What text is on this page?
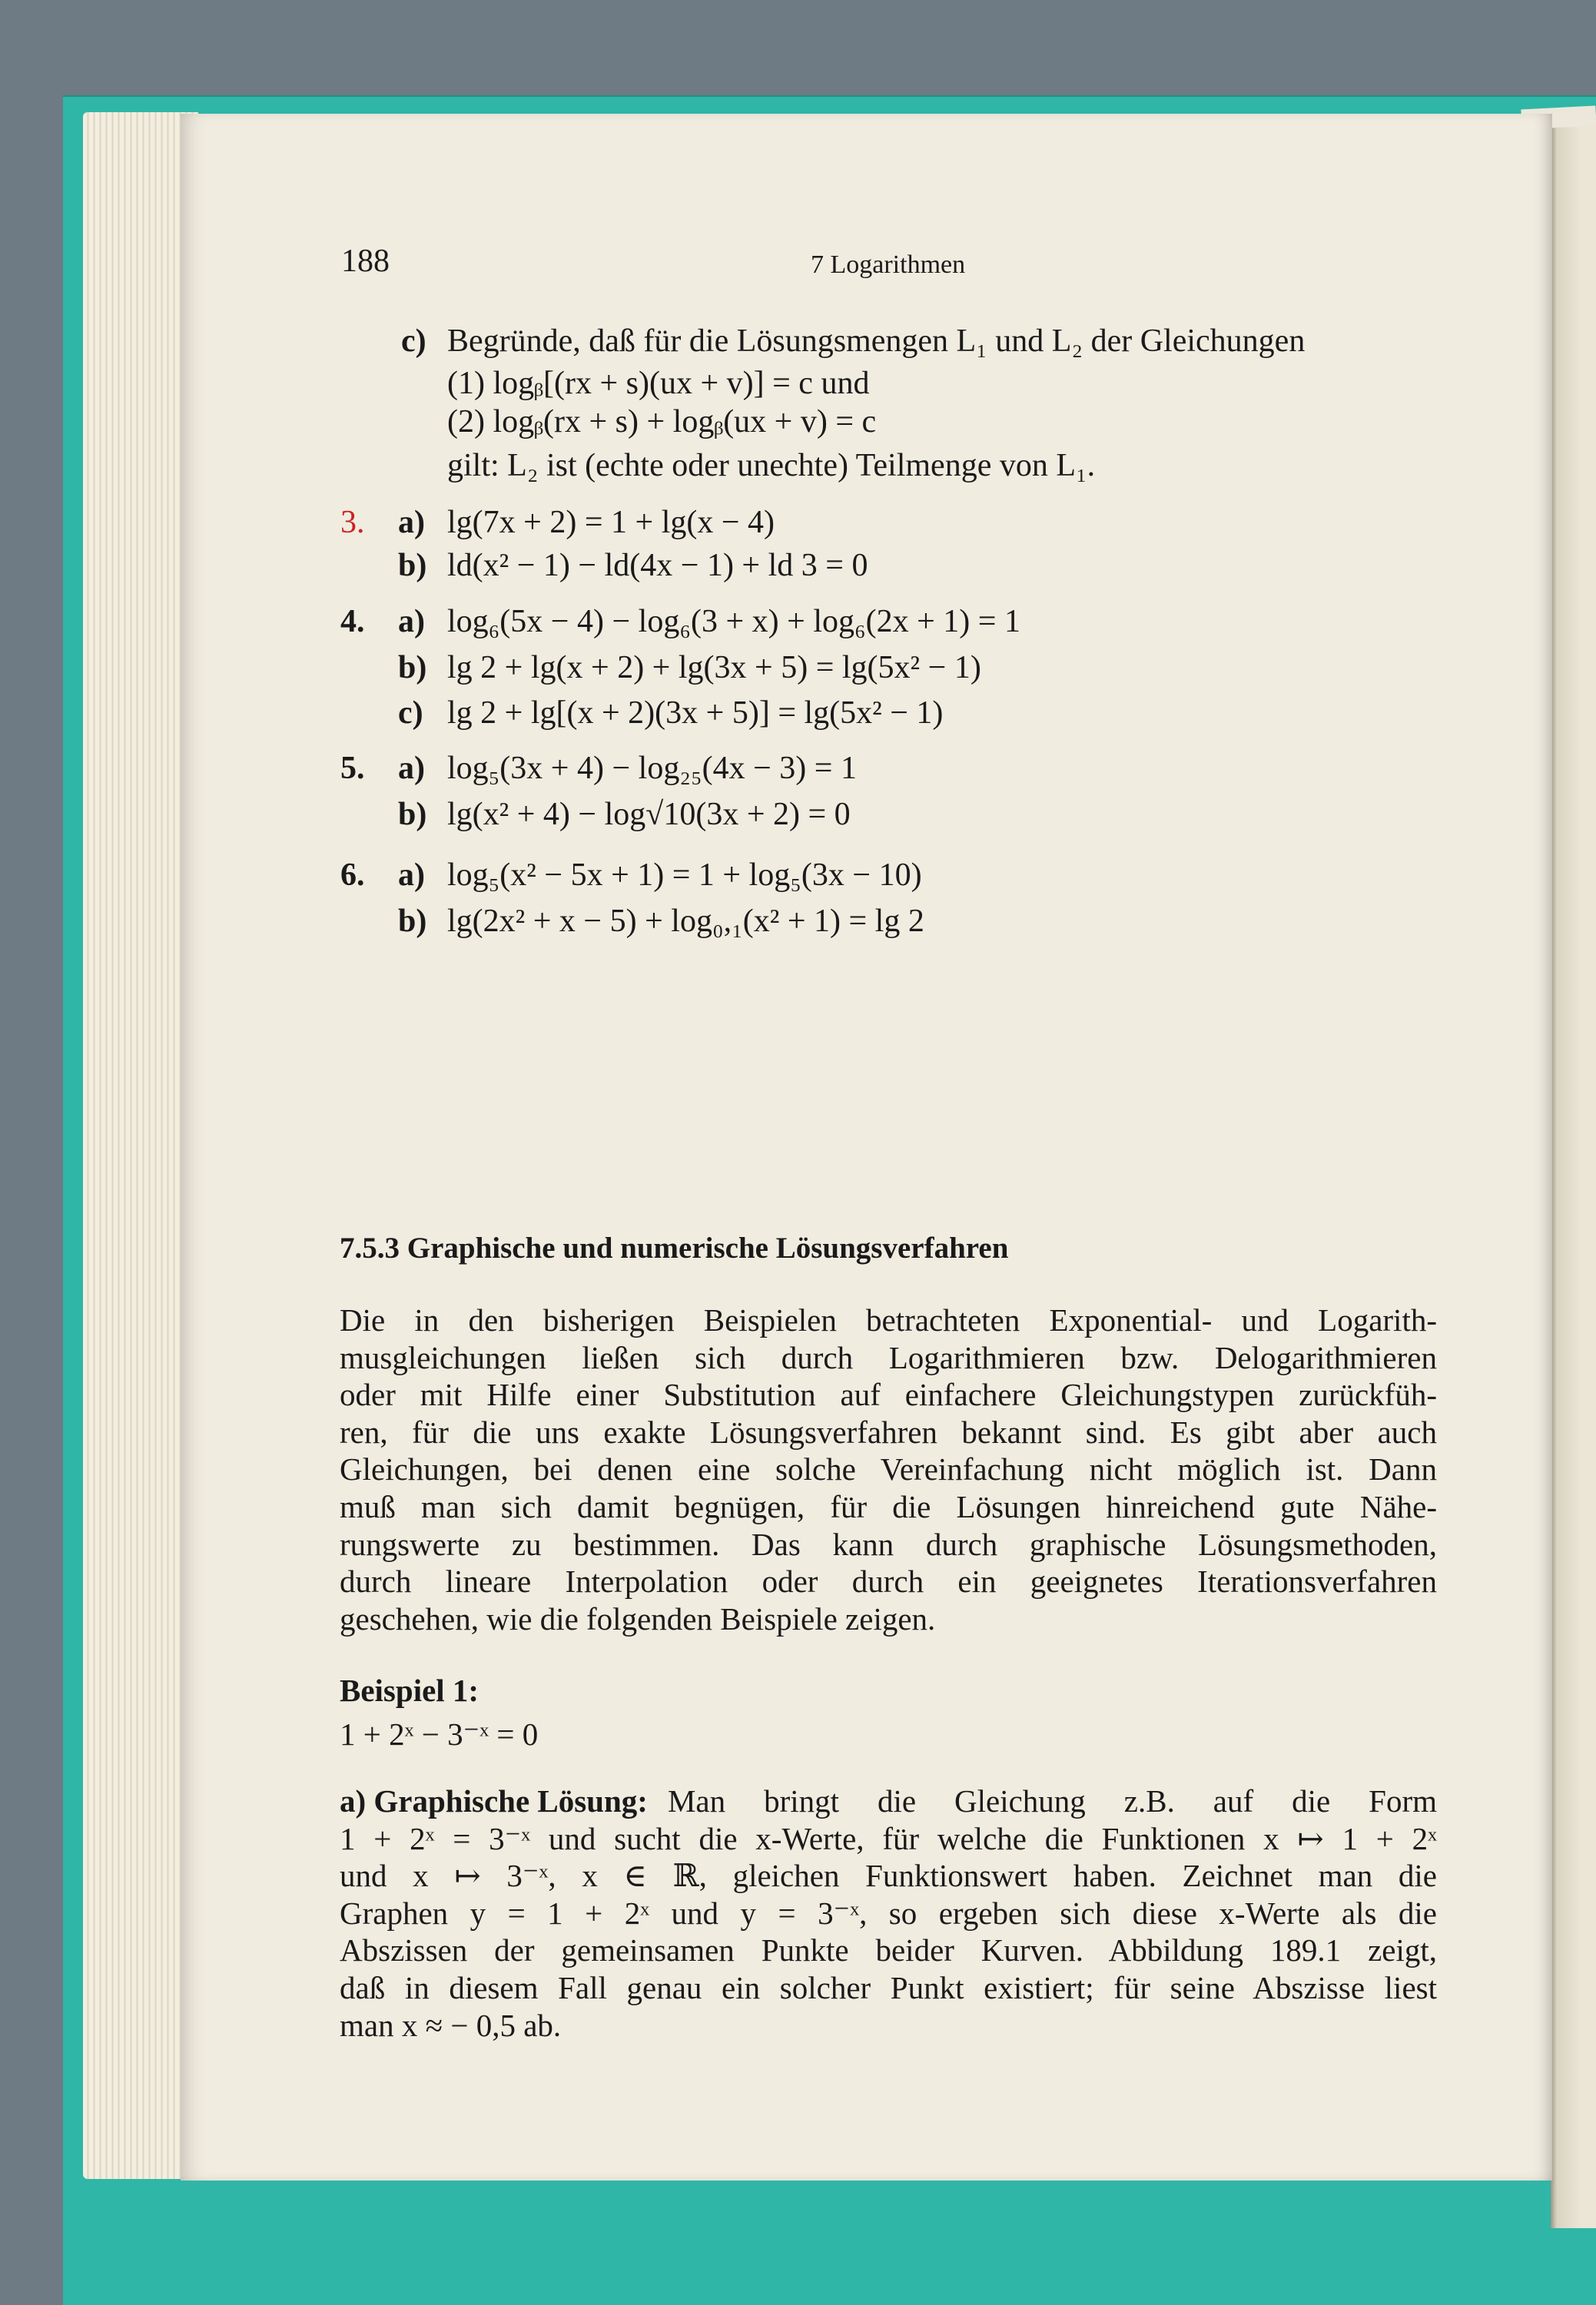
188	7 Logarithmen
c) Begründe, daß für die Lösungsmengen L₁ und L₂ der Gleichungen
(1) logᵦ[(rx + s)(ux + v)] = c und
(2) logᵦ(rx + s) + logᵦ(ux + v) = c
gilt: L₂ ist (echte oder unechte) Teilmenge von L₁.
3. a) lg(7x + 2) = 1 + lg(x − 4)
b) ld(x² − 1) − ld(4x − 1) + ld 3 = 0
4. a) log₆(5x − 4) − log₆(3 + x) + log₆(2x + 1) = 1
b) lg 2 + lg(x + 2) + lg(3x + 5) = lg(5x² − 1)
c) lg 2 + lg[(x + 2)(3x + 5)] = lg(5x² − 1)
5. a) log₅(3x + 4) − log₂₅(4x − 3) = 1
b) lg(x² + 4) − log√10(3x + 2) = 0
6. a) log₅(x² − 5x + 1) = 1 + log₅(3x − 10)
b) lg(2x² + x − 5) + log₀,₁(x² + 1) = lg 2
7.5.3 Graphische und numerische Lösungsverfahren
Die in den bisherigen Beispielen betrachteten Exponential- und Logarith-
musgleichungen ließen sich durch Logarithmieren bzw. Delogarithmieren
oder mit Hilfe einer Substitution auf einfachere Gleichungstypen zurückfüh-
ren, für die uns exakte Lösungsverfahren bekannt sind. Es gibt aber auch
Gleichungen, bei denen eine solche Vereinfachung nicht möglich ist. Dann
muß man sich damit begnügen, für die Lösungen hinreichend gute Nähe-
rungswerte zu bestimmen. Das kann durch graphische Lösungsmethoden,
durch lineare Interpolation oder durch ein geeignetes Iterationsverfahren
geschehen, wie die folgenden Beispiele zeigen.
Beispiel 1:
1 + 2ˣ − 3⁻ˣ = 0
a) Graphische Lösung: Man bringt die Gleichung z.B. auf die Form
1 + 2ˣ = 3⁻ˣ und sucht die x-Werte, für welche die Funktionen x ↦ 1 + 2ˣ
und x ↦ 3⁻ˣ, x ∈ ℝ, gleichen Funktionswert haben. Zeichnet man die
Graphen y = 1 + 2ˣ und y = 3⁻ˣ, so ergeben sich diese x-Werte als die
Abszissen der gemeinsamen Punkte beider Kurven. Abbildung 189.1 zeigt,
daß in diesem Fall genau ein solcher Punkt existiert; für seine Abszisse liest
man x ≈ − 0,5 ab.
